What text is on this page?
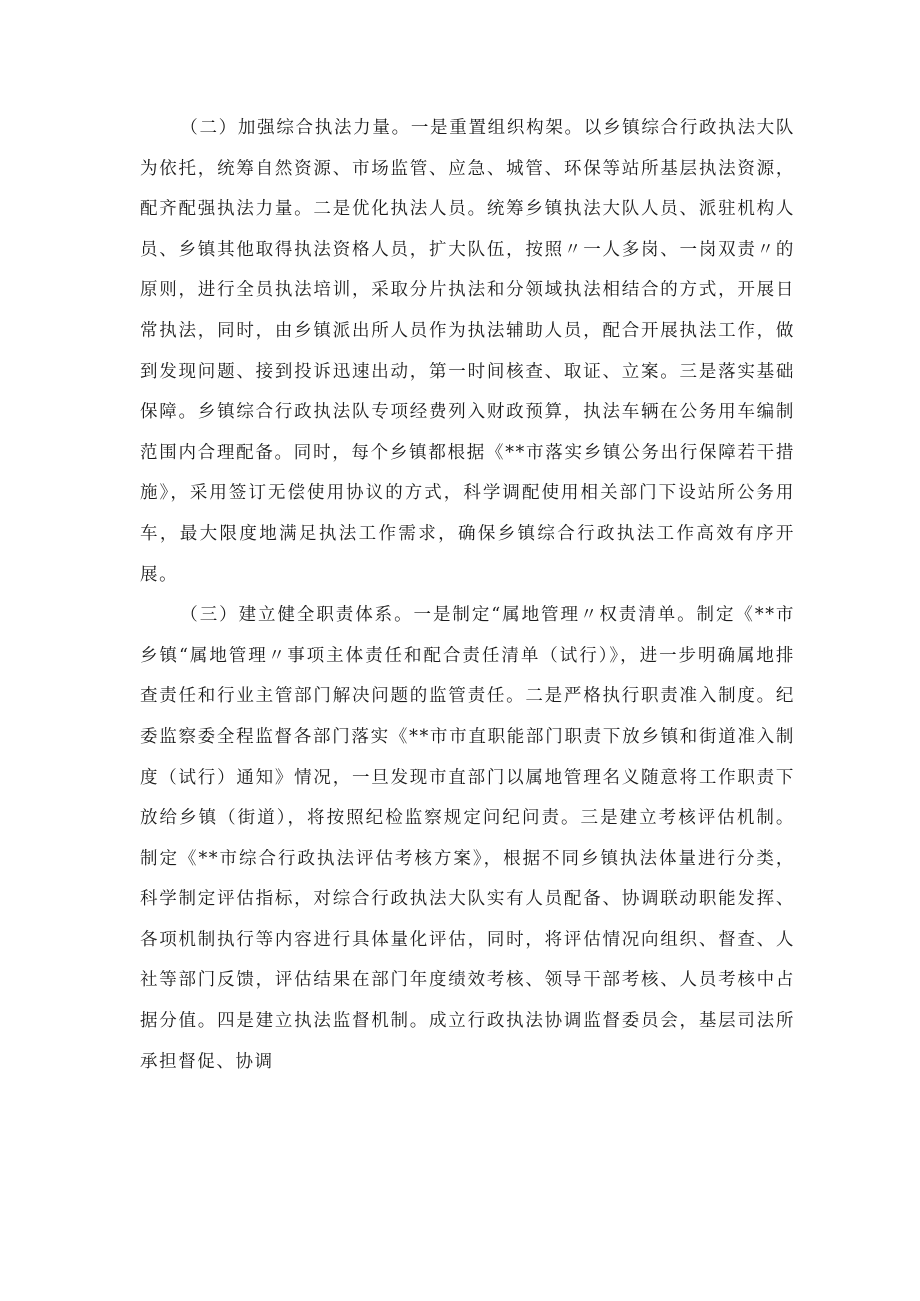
（二）加强综合执法力量。一是重置组织构架。以乡镇综合行政执法大队为依托，统筹自然资源、市场监管、应急、城管、环保等站所基层执法资源，配齐配强执法力量。二是优化执法人员。统筹乡镇执法大队人员、派驻机构人员、乡镇其他取得执法资格人员，扩大队伍，按照〃一人多岗、一岗双责〃的原则，进行全员执法培训，采取分片执法和分领域执法相结合的方式，开展日常执法，同时，由乡镇派出所人员作为执法辅助人员，配合开展执法工作，做到发现问题、接到投诉迅速出动，第一时间核查、取证、立案。三是落实基础保障。乡镇综合行政执法队专项经费列入财政预算，执法车辆在公务用车编制范围内合理配备。同时，每个乡镇都根据《**市落实乡镇公务出行保障若干措施》，采用签订无偿使用协议的方式，科学调配使用相关部门下设站所公务用车，最大限度地满足执法工作需求，确保乡镇综合行政执法工作高效有序开展。

（三）建立健全职责体系。一是制定“属地管理〃权责清单。制定《**市乡镇“属地管理〃事项主体责任和配合责任清单（试行）》，进一步明确属地排查责任和行业主管部门解决问题的监管责任。二是严格执行职责准入制度。纪委监察委全程监督各部门落实《**市市直职能部门职责下放乡镇和街道准入制度（试行）通知》情况，一旦发现市直部门以属地管理名义随意将工作职责下放给乡镇（街道），将按照纪检监察规定问纪问责。三是建立考核评估机制。制定《**市综合行政执法评估考核方案》，根据不同乡镇执法体量进行分类，科学制定评估指标，对综合行政执法大队实有人员配备、协调联动职能发挥、各项机制执行等内容进行具体量化评估，同时，将评估情况向组织、督查、人社等部门反馈，评估结果在部门年度绩效考核、领导干部考核、人员考核中占据分值。四是建立执法监督机制。成立行政执法协调监督委员会，基层司法所承担督促、协调
